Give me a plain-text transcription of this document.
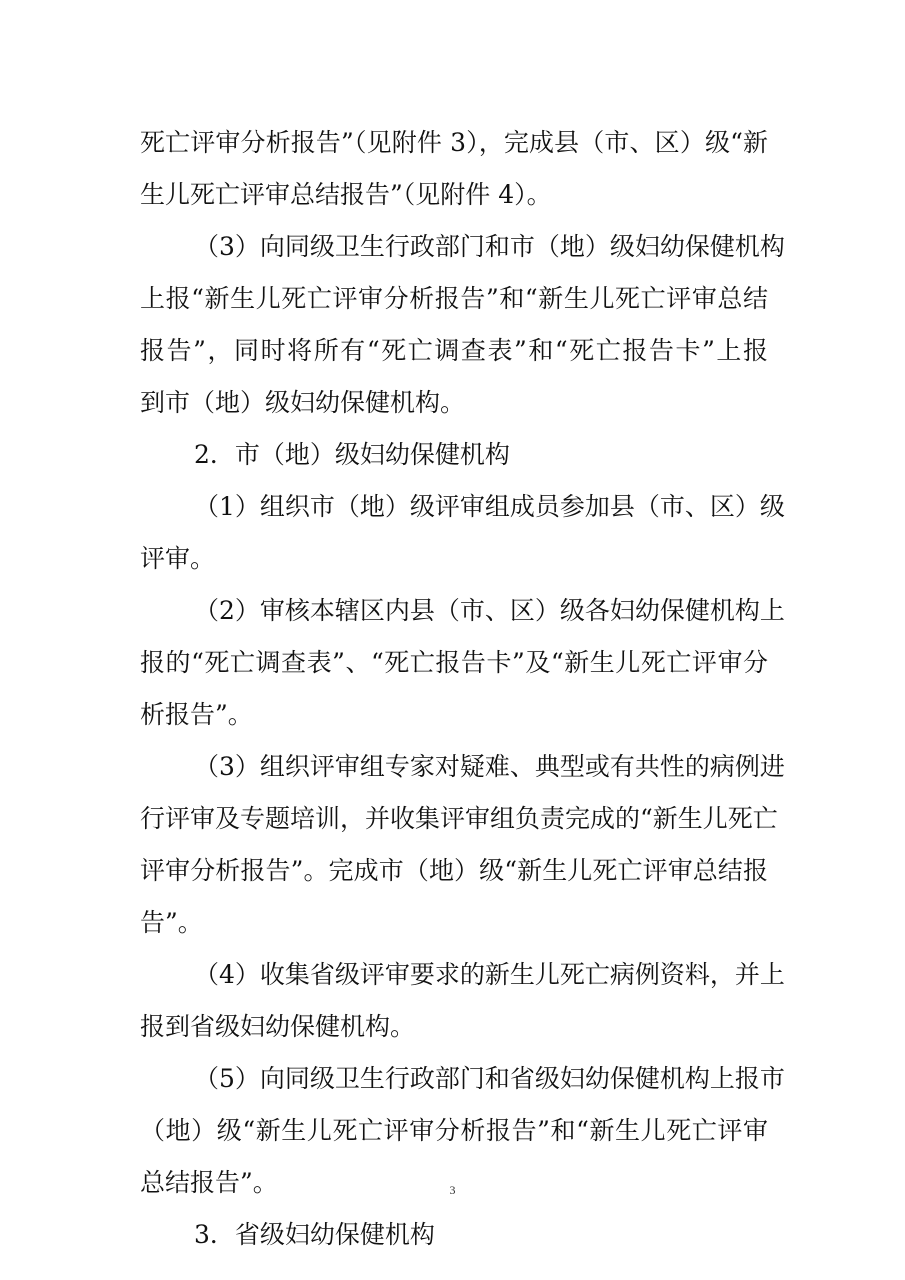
死亡评审分析报告”（见附件 3），完成县（市、区）级“新
生儿死亡评审总结报告”（见附件 4）。
（3）向同级卫生行政部门和市（地）级妇幼保健机构
上报“新生儿死亡评审分析报告”和“新生儿死亡评审总结
报告”，同时将所有“死亡调查表”和“死亡报告卡”上报
到市（地）级妇幼保健机构。
2．市（地）级妇幼保健机构
（1）组织市（地）级评审组成员参加县（市、区）级
评审。
（2）审核本辖区内县（市、区）级各妇幼保健机构上
报的“死亡调查表”、“死亡报告卡”及“新生儿死亡评审分
析报告”。
（3）组织评审组专家对疑难、典型或有共性的病例进
行评审及专题培训，并收集评审组负责完成的“新生儿死亡
评审分析报告”。完成市（地）级“新生儿死亡评审总结报
告”。
（4）收集省级评审要求的新生儿死亡病例资料，并上
报到省级妇幼保健机构。
（5）向同级卫生行政部门和省级妇幼保健机构上报市
（地）级“新生儿死亡评审分析报告”和“新生儿死亡评审
总结报告”。
3．省级妇幼保健机构
3
